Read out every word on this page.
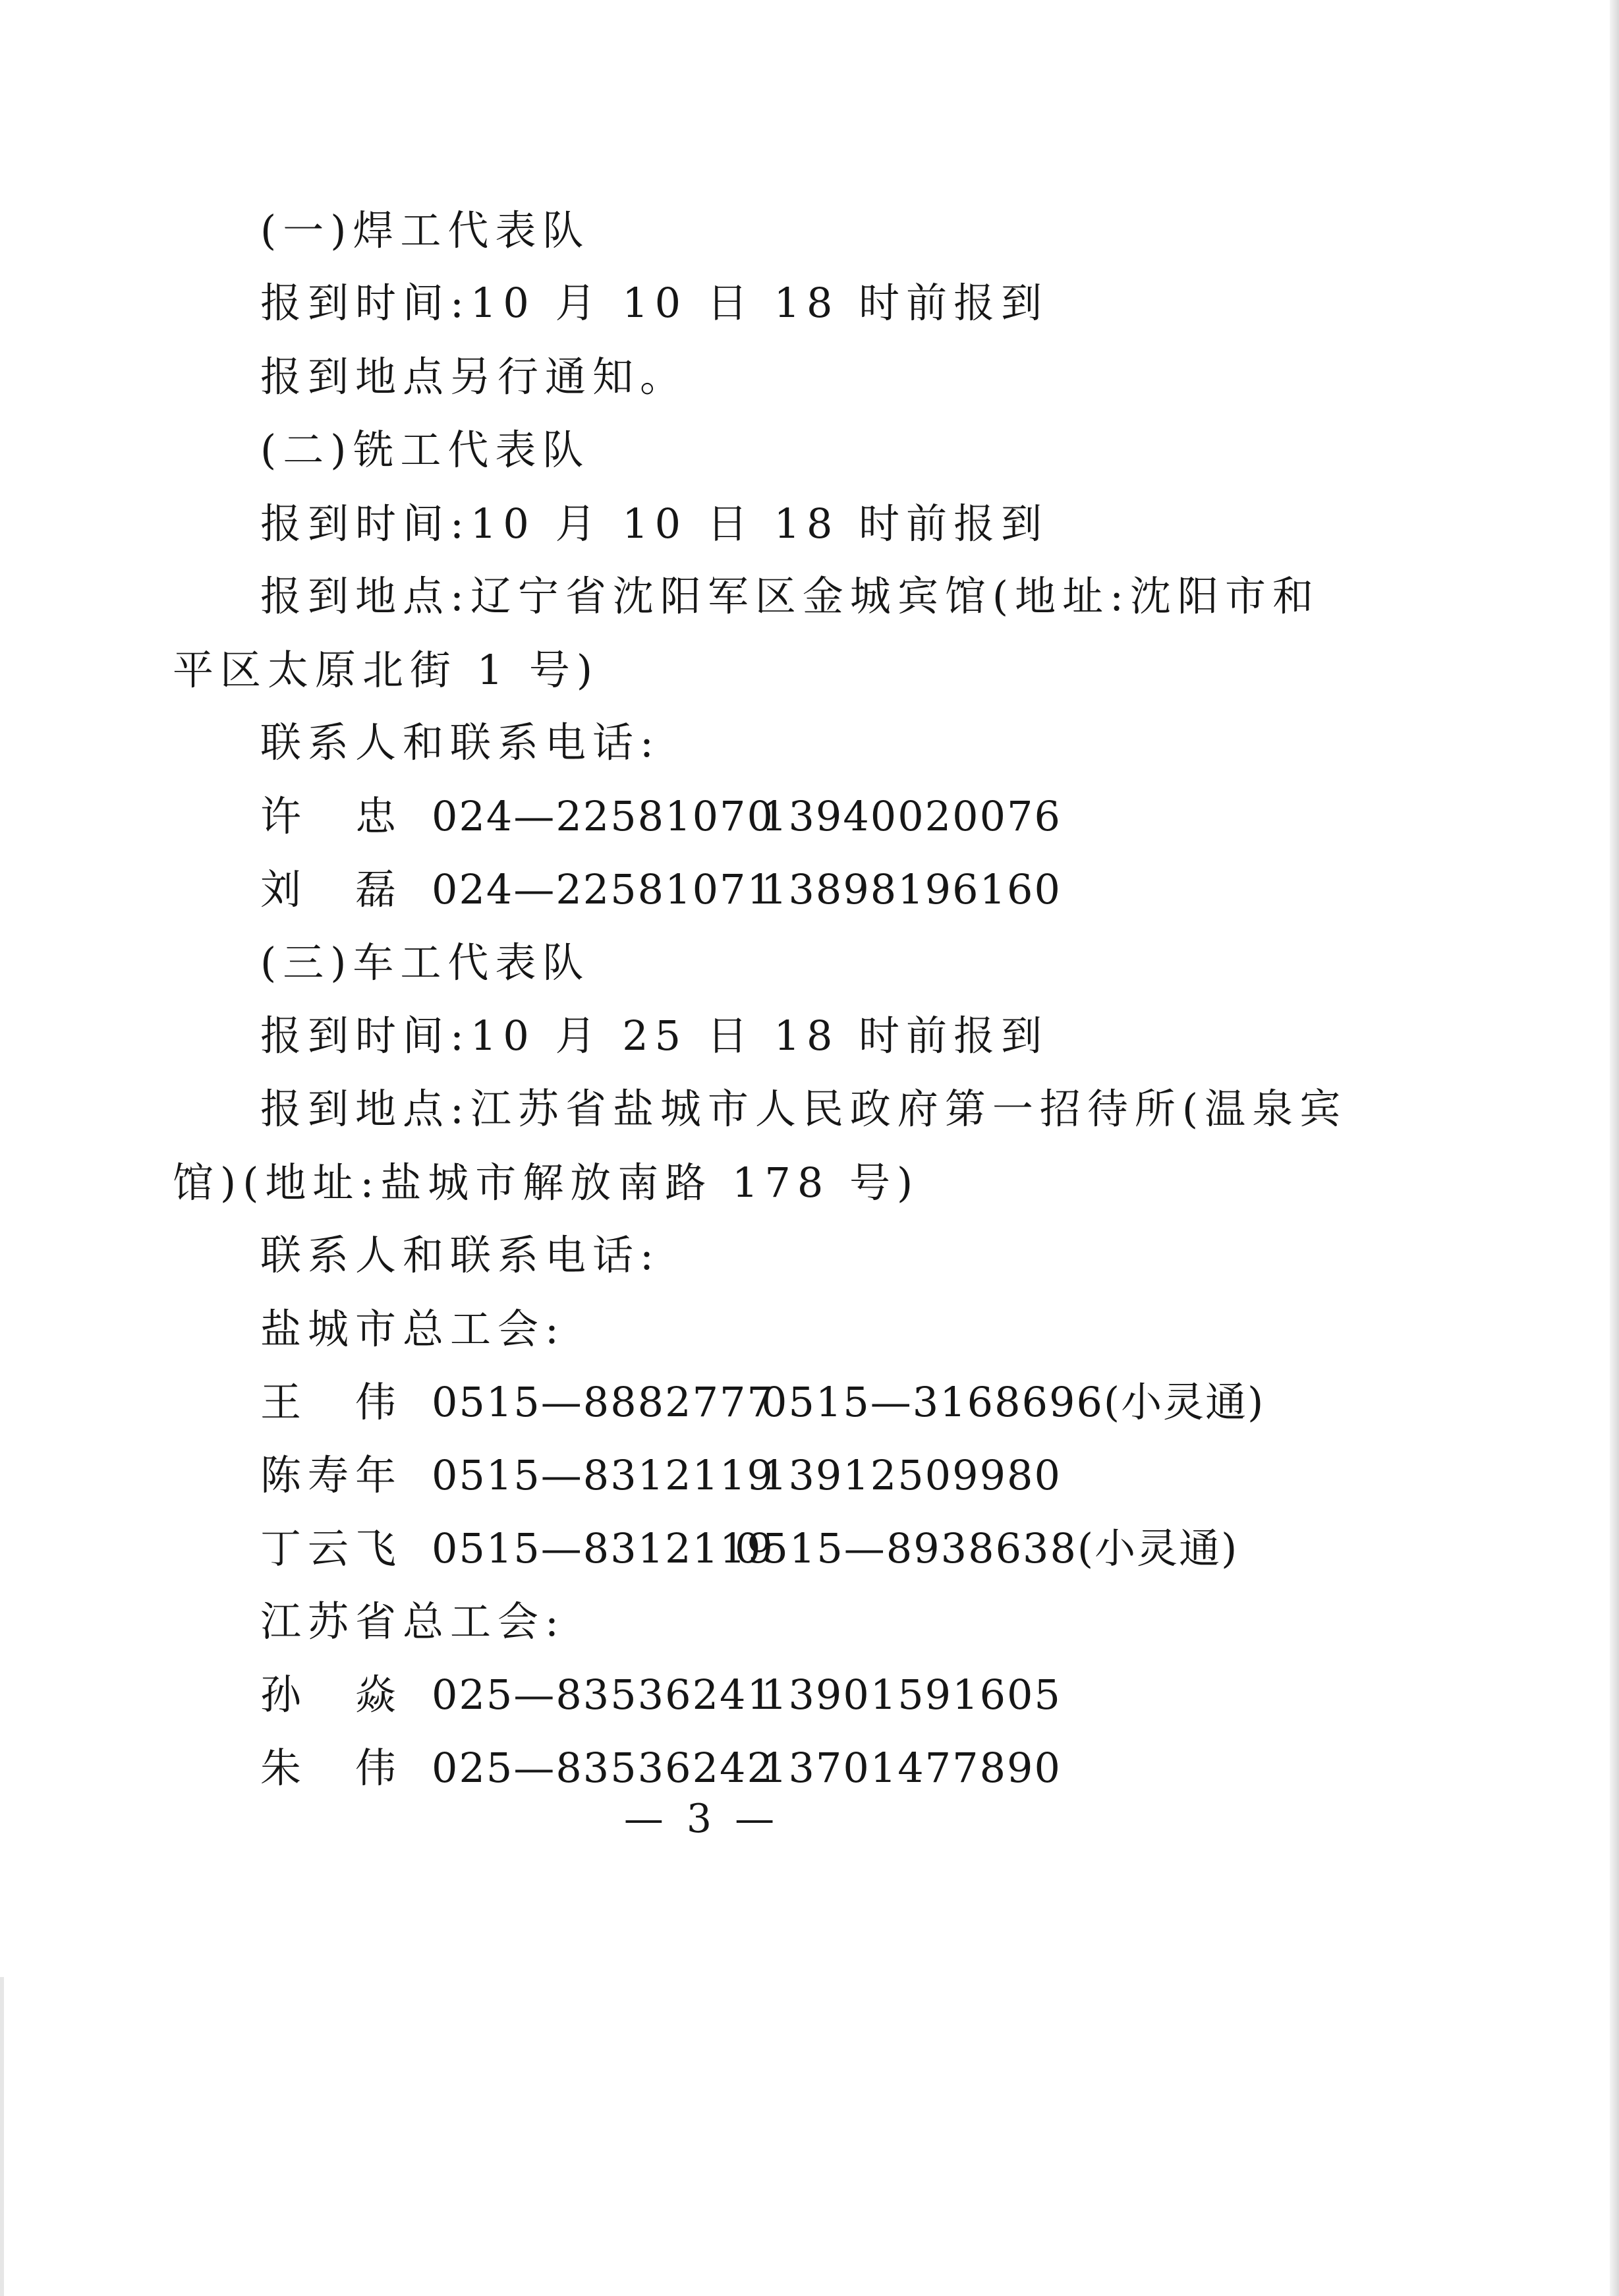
(一)焊工代表队
报到时间:10 月 10 日 18 时前报到
报到地点另行通知。
(二)铣工代表队
报到时间:10 月 10 日 18 时前报到
报到地点:辽宁省沈阳军区金城宾馆(地址:沈阳市和
平区太原北街 1 号)
联系人和联系电话:
许　忠 024—2258107013940020076
刘　磊 024—2258107113898196160
(三)车工代表队
报到时间:10 月 25 日 18 时前报到
报到地点:江苏省盐城市人民政府第一招待所(温泉宾
馆)(地址:盐城市解放南路 178 号)
联系人和联系电话:
盐城市总工会:
王　伟 0515—88827770515—3168696(小灵通)
陈寿年 0515—831211913912509980
丁云飞 0515—83121190515—8938638(小灵通)
江苏省总工会:
孙　焱 025—8353624113901591605
朱　伟 025—8353624213701477890
— 3 —
